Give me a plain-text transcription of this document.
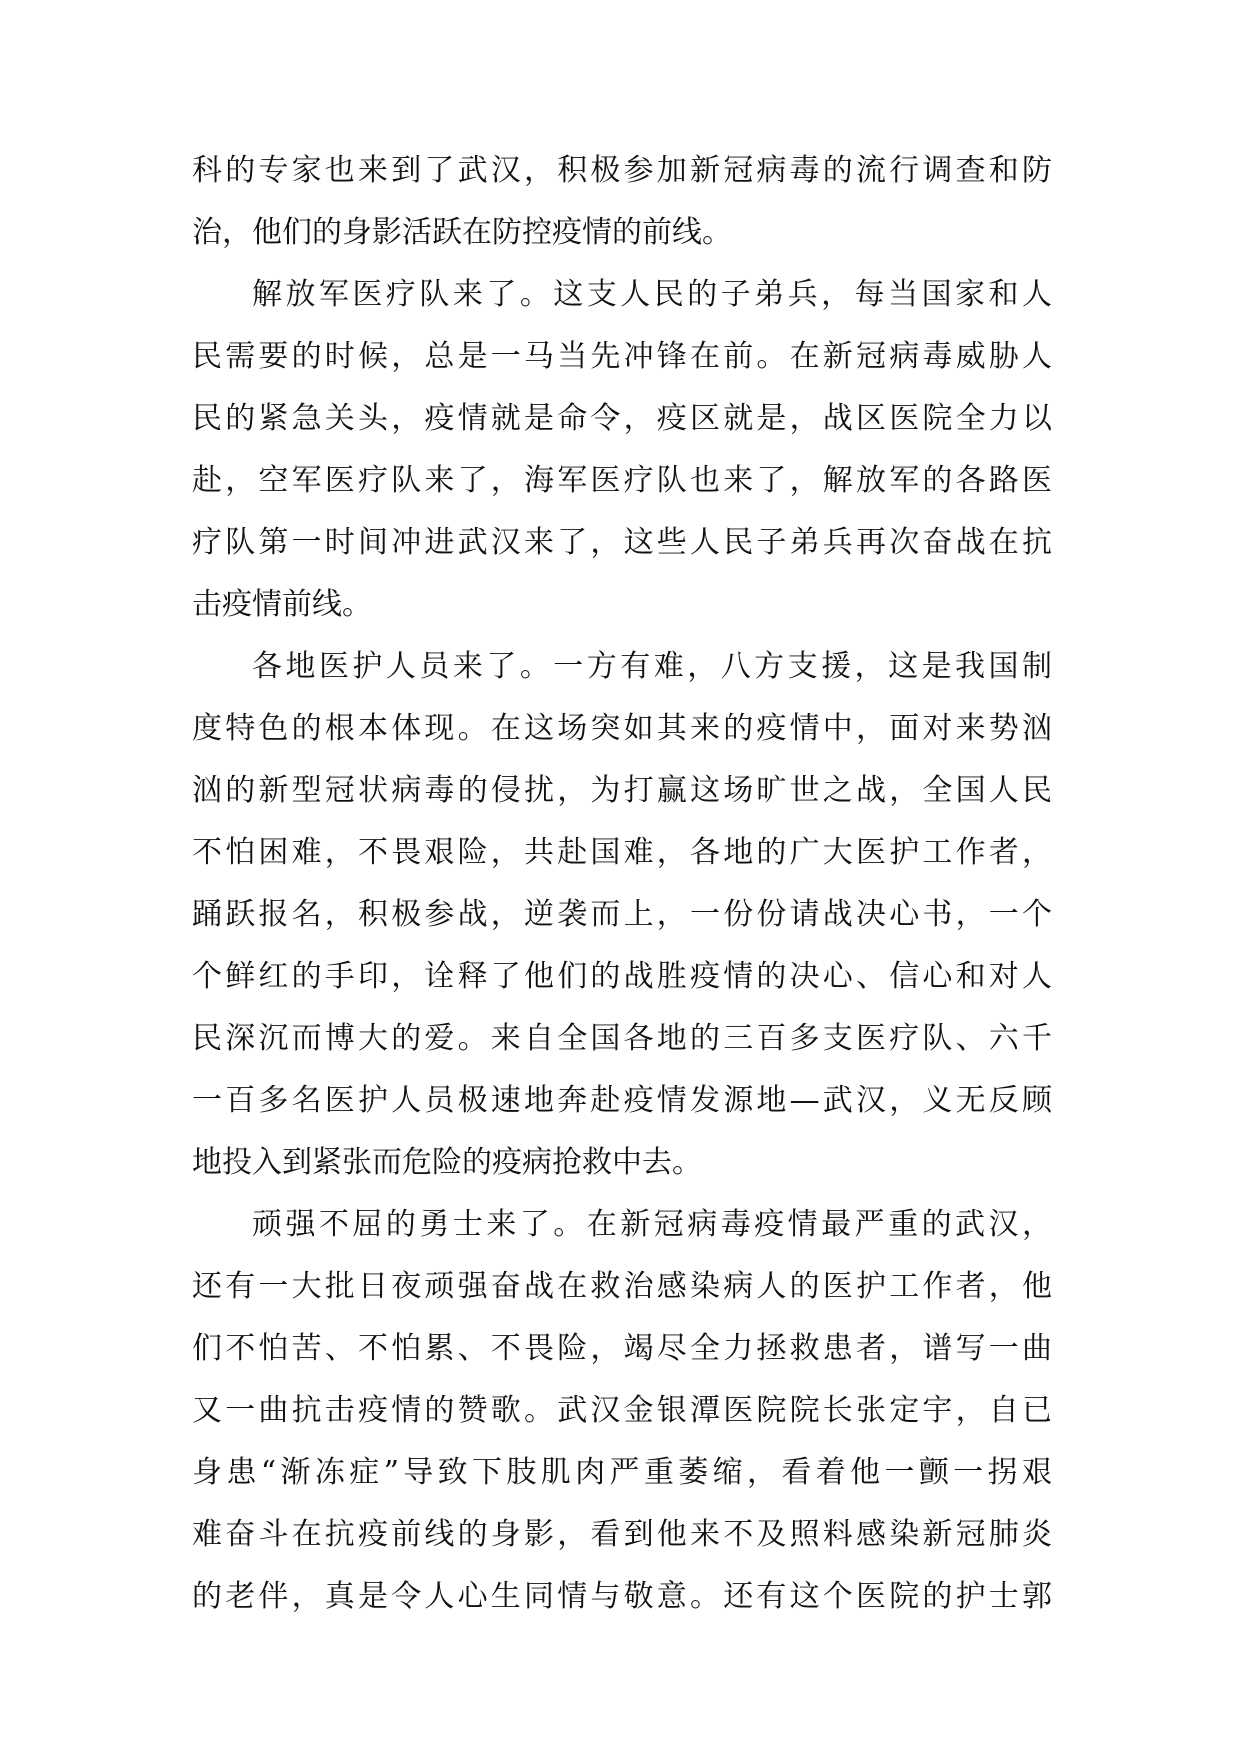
科的专家也来到了武汉，积极参加新冠病毒的流行调查和防
治，他们的身影活跃在防控疫情的前线。
解放军医疗队来了。这支人民的子弟兵，每当国家和人
民需要的时候，总是一马当先冲锋在前。在新冠病毒威胁人
民的紧急关头，疫情就是命令，疫区就是，战区医院全力以
赴，空军医疗队来了，海军医疗队也来了，解放军的各路医
疗队第一时间冲进武汉来了，这些人民子弟兵再次奋战在抗
击疫情前线。
各地医护人员来了。一方有难，八方支援，这是我国制
度特色的根本体现。在这场突如其来的疫情中，面对来势汹
汹的新型冠状病毒的侵扰，为打赢这场旷世之战，全国人民
不怕困难，不畏艰险，共赴国难，各地的广大医护工作者，
踊跃报名，积极参战，逆袭而上，一份份请战决心书，一个
个鲜红的手印，诠释了他们的战胜疫情的决心、信心和对人
民深沉而博大的爱。来自全国各地的三百多支医疗队、六千
一百多名医护人员极速地奔赴疫情发源地—武汉，义无反顾
地投入到紧张而危险的疫病抢救中去。
顽强不屈的勇士来了。在新冠病毒疫情最严重的武汉，
还有一大批日夜顽强奋战在救治感染病人的医护工作者，他
们不怕苦、不怕累、不畏险，竭尽全力拯救患者，谱写一曲
又一曲抗击疫情的赞歌。武汉金银潭医院院长张定宇，自已
身患“渐冻症”导致下肢肌肉严重萎缩，看着他一颤一拐艰
难奋斗在抗疫前线的身影，看到他来不及照料感染新冠肺炎
的老伴，真是令人心生同情与敬意。还有这个医院的护士郭
